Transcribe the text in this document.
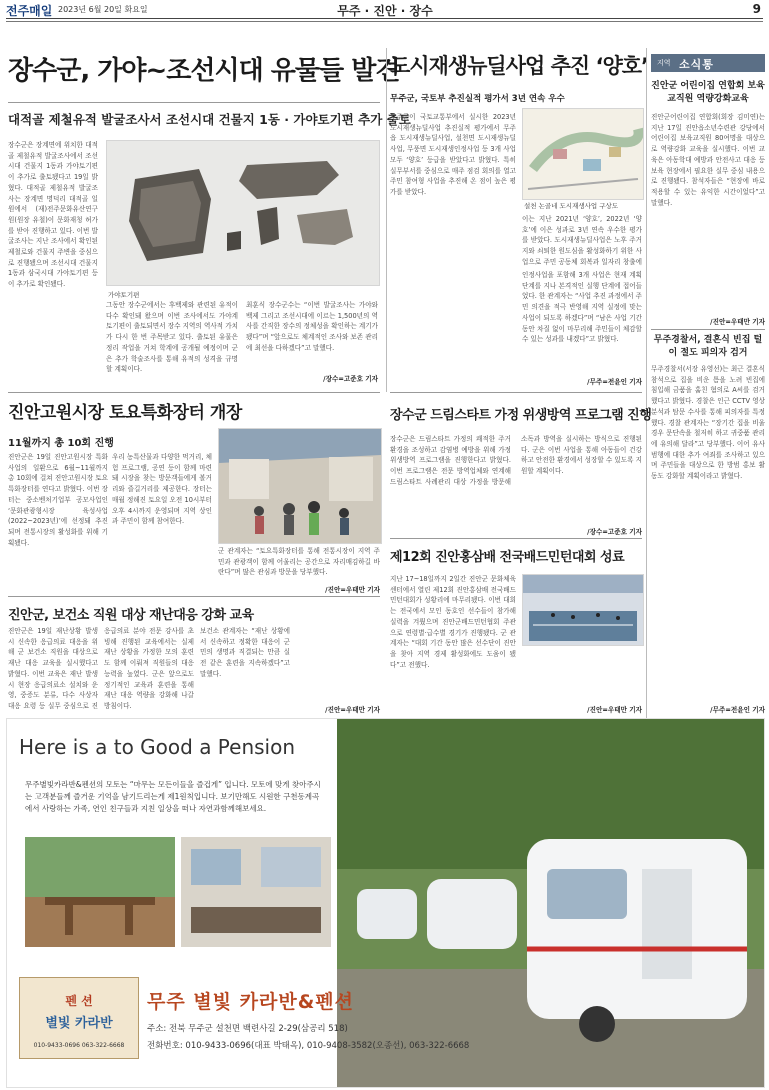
전주매일 2023년 6월 20일 화요일	무주 · 진안 · 장수	9
장수군, 가야~조선시대 유물들 발견
대적골 제철유적 발굴조사서 조선시대 건물지 1동 · 가야토기편 추가 출토
장수군은 장계면에 위치한 대적골 제철유적 발굴조사에서 조선시대 건물지 1동과 가야토기편이 추가로 출토됐다고 19일 밝혔다. 대적골 제철유적 발굴조사는 장계면 명덕리 대적골 일원에서 (재)전주문화유산연구원(원장 유철)이 문화재청 허가를 받아 진행하고 있다. 이번 발굴조사는 지난 조사에서 확인된 제철로와 건물지 주변을 중심으로 진행됐으며 조선시대 건물지 1동과 삼국시대 가야토기편 등이 추가로 확인됐다.
가야토기편
그동안 장수군에서는 후백제와 관련된 유적이 다수 확인돼 왔으며 이번 조사에서도 가야계 토기편이 출토되면서 장수 지역의 역사적 가치가 다시 한 번 주목받고 있다. 출토된 유물은 정리 작업을 거쳐 학계에 공개될 예정이며 군은 추가 학술조사를 통해 유적의 성격을 규명할 계획이다.
최훈식 장수군수는 “이번 발굴조사는 가야와 백제 그리고 조선시대에 이르는 1,500년의 역사를 간직한 장수의 정체성을 확인하는 계기가 됐다”며 “앞으로도 체계적인 조사와 보존 관리에 최선을 다하겠다”고 말했다.
/장수=고준호 기자
도시재생뉴딜사업 추진 ‘양호’
무주군, 국토부 추진실적 평가서 3년 연속 우수
무주군이 국토교통부에서 실시한 2023년 도시재생뉴딜사업 추진실적 평가에서 무주읍 도시재생뉴딜사업, 설천면 도시재생뉴딜사업, 무풍면 도시재생인정사업 등 3개 사업 모두 ‘양호’ 등급을 받았다고 밝혔다. 특히 실무부서를 중심으로 매주 점검 회의를 열고 주민 참여형 사업을 추진해 온 점이 높은 평가를 받았다.
설천 논골네 도시재생사업 구상도
이는 지난 2021년 ‘양호’, 2022년 ‘양호’에 이은 성과로 3년 연속 우수한 평가를 받았다. 도시재생뉴딜사업은 노후 주거지와 쇠퇴한 원도심을 활성화하기 위한 사업으로 주민 공동체 회복과 일자리 창출에
인정사업을 포함해 3개 사업은 현재 계획 단계를 지나 본격적인 실행 단계에 접어들었다. 한 관계자는 “사업 추진 과정에서 주민 의견을 적극 반영해 지역 실정에 맞는 사업이 되도록 하겠다”며 “남은 사업 기간 동안 차질 없이 마무리해 주민들이 체감할 수 있는 성과를 내겠다”고 밝혔다.
/무주=전윤인 기자
지역 소식통
진안군 어린이집 연합회 보육 교직원 역량강화교육
진안군어린이집 연합회(회장 김미연)는 지난 17일 진안읍소년수련관 강당에서 어린이집 보육교직원 80여명을 대상으로 역량강화 교육을 실시했다. 이번 교육은 아동학대 예방과 안전사고 대응 등 보육 현장에서 필요한 실무 중심 내용으로 진행됐다. 참석자들은 “현장에 바로 적용할 수 있는 유익한 시간이었다”고 말했다.
/진안=우태만 기자
무주경찰서, 결혼식 빈집 털이 절도 피의자 검거
무주경찰서(서장 유영선)는 최근 결혼식 참석으로 집을 비운 틈을 노려 빈집에 침입해 금품을 훔친 혐의로 A씨를 검거했다고 밝혔다. 경찰은 인근 CCTV 영상 분석과 탐문 수사를 통해 피의자를 특정했다. 경찰 관계자는 “장기간 집을 비울 경우 문단속을 철저히 하고 귀중품 관리에 유의해 달라”고 당부했다. 이어 유사 범행에 대한 추가 여죄를 조사하고 있으며 주민들을 대상으로 한 방범 홍보 활동도 강화할 계획이라고 밝혔다.
/무주=전윤인 기자
진안고원시장 토요특화장터 개장
11월까지 총 10회 진행
진안군은 19일 진안고원시장 특화사업의 일환으로 6월~11월까지 총 10회에 걸쳐 진안고원시장 토요특화장터를 연다고 밝혔다. 이번 장터는 중소벤처기업부 공모사업인 ‘문화관광형시장 육성사업(2022~2023년)’에 선정돼 추진되며 전통시장의 활성화를 위해 기획됐다.
우리 농특산물과 다양한 먹거리, 체험 프로그램, 공연 등이 함께 마련돼 시장을 찾는 방문객들에게 볼거리와 즐길거리를 제공한다. 장터는 매월 정해진 토요일 오전 10시부터 오후 4시까지 운영되며 지역 상인과 주민이 함께 참여한다.
군 관계자는 “토요특화장터를 통해 전통시장이 지역 주민과 관광객이 함께 어울리는 공간으로 자리매김하길 바란다”며 많은 관심과 방문을 당부했다.
/진안=우태만 기자
장수군 드림스타트 가정 위생방역 프로그램 진행
장수군은 드림스타트 가정의 쾌적한 주거환경을 조성하고 감염병 예방을 위해 가정 위생방역 프로그램을 진행한다고 밝혔다. 이번 프로그램은 전문 방역업체와 연계해 드림스타트 사례관리 대상 가정을 방문해 소독과 방역을 실시하는 방식으로 진행된다. 군은 이번 사업을 통해 아동들이 건강하고 안전한 환경에서 성장할 수 있도록 지원할 계획이다.
/장수=고준호 기자
제12회 진안홍삼배 전국배드민턴대회 성료
지난 17~18일까지 2일간 진안군 문화체육센터에서 열린 제12회 진안홍삼배 전국배드민턴대회가 성황리에 마무리됐다. 이번 대회는 전국에서 모인 동호인 선수들이 참가해 실력을 겨뤘으며 진안군배드민턴협회 주관으로 연령별·급수별 경기가 진행됐다. 군 관계자는 “대회 기간 동안 많은 선수단이 진안을 찾아 지역 경제 활성화에도 도움이 됐다”고 전했다.
/진안=우태만 기자
진안군, 보건소 직원 대상 재난대응 강화 교육
진안군은 19일 재난상황 발생 시 신속한 응급의료 대응을 위해 군 보건소 직원을 대상으로 재난 대응 교육을 실시했다고 밝혔다. 이번 교육은 재난 발생 시 현장 응급의료소 설치와 운영, 중증도 분류, 다수 사상자 대응 요령 등 실무 중심으로 진
응급의료 분야 전문 강사를 초빙해 진행된 교육에서는 실제 재난 상황을 가정한 모의 훈련도 함께 이뤄져 직원들의 대응 능력을 높였다. 군은 앞으로도 정기적인 교육과 훈련을 통해 재난 대응 역량을 강화해 나갈 방침이다.
보건소 관계자는 “재난 상황에서 신속하고 정확한 대응이 군민의 생명과 직결되는 만큼 실전 같은 훈련을 지속하겠다”고 말했다.
/진안=우태만 기자
Here is a to Good a Pension
무주별빛카라반&펜션의 모토는 “마무는 모든이들을 즐겁게” 입니다. 모토에 맞게 찾아주시는 고객분들께 즐거운 기억을 남기드리는게 제1원칙입니다. 보기만해도 시원한 구천동계곡에서 사랑하는 가족, 연인 친구들과 지친 일상을 떠나 자연과함께해보세요.
펜 션
별빛 카라반
010-9433-0696 063-322-6668
무주 별빛 카라반&펜션
주소: 전북 무주군 설천면 백련사길 2-29(삼공리 518)
전화번호: 010-9433-0696(대표 박태옥), 010-9408-3582(오종선), 063-322-6668
